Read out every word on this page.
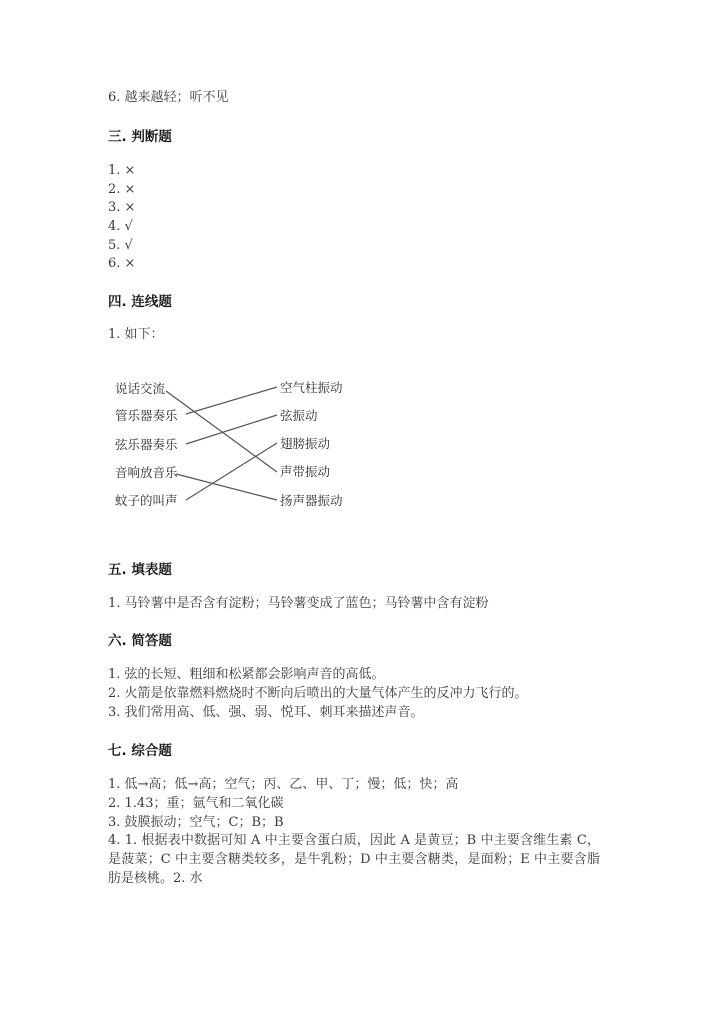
6. 越来越轻；听不见
三. 判断题
1. ×
2. ×
3. ×
4. √
5. √
6. ×
四. 连线题
1. 如下：
说话交流
管乐器奏乐
弦乐器奏乐
音响放音乐
蚊子的叫声
空气柱振动
弦振动
翅膀振动
声带振动
扬声器振动
五. 填表题
1. 马铃薯中是否含有淀粉；马铃薯变成了蓝色；马铃薯中含有淀粉
六. 简答题
1. 弦的长短、粗细和松紧都会影响声音的高低。
2. 火箭是依靠燃料燃烧时不断向后喷出的大量气体产生的反冲力飞行的。
3. 我们常用高、低、强、弱、悦耳、刺耳来描述声音。
七. 综合题
1. 低→高；低→高；空气；丙、乙、甲、丁；慢；低；快；高
2. 1.43；重；氩气和二氧化碳
3. 鼓膜振动；空气；C；B；B
4. 1. 根据表中数据可知 A 中主要含蛋白质，因此 A 是黄豆；B 中主要含维生素 C，是菠菜；C 中主要含糖类较多，是牛乳粉；D 中主要含糖类，是面粉；E 中主要含脂肪是核桃。2. 水
